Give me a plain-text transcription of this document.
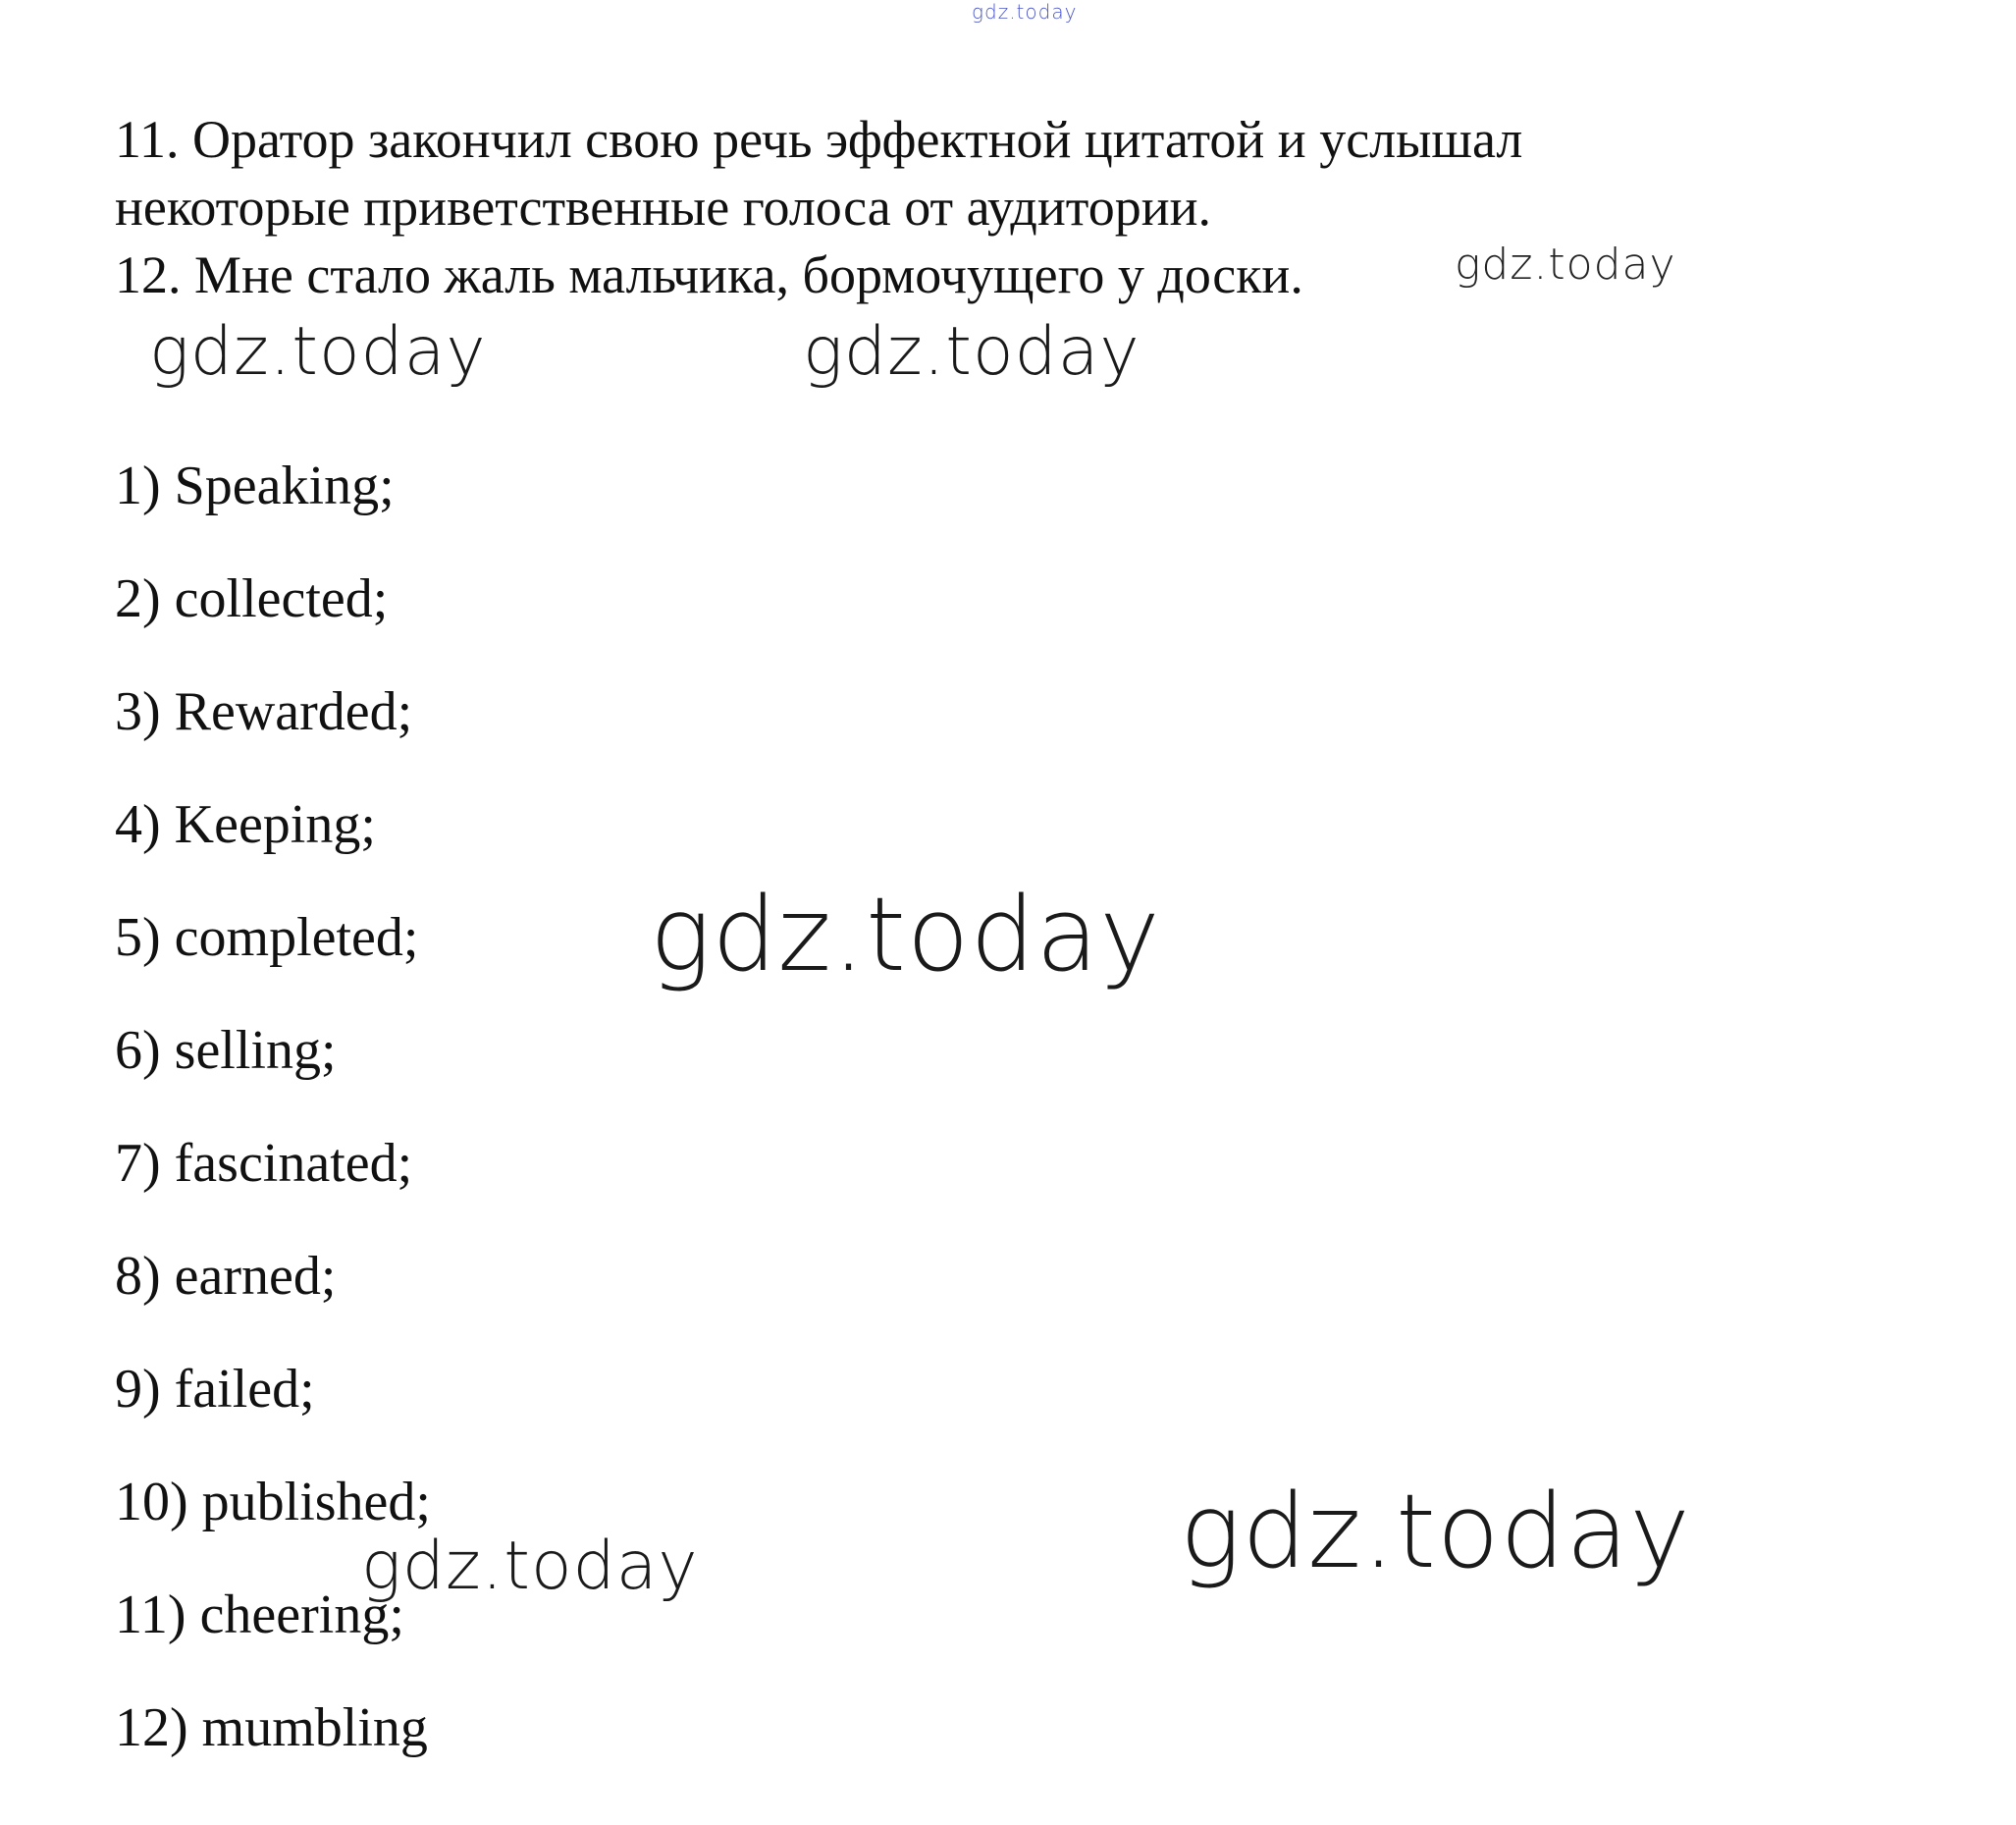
gdz.today
11. Оратор закончил свою речь эффектной цитатой и услышал
некоторые приветственные голоса от аудитории.
12. Мне стало жаль мальчика, бормочущего у доски.	gdz.today
gdz.today	gdz.today
1) Speaking;
2) collected;
3) Rewarded;
4) Keeping;
5) completed;
6) selling;
7) fascinated;
8) earned;
9) failed;
10) published;
11) cheering;
12) mumbling
gdz.today
gdz.today	gdz.today
